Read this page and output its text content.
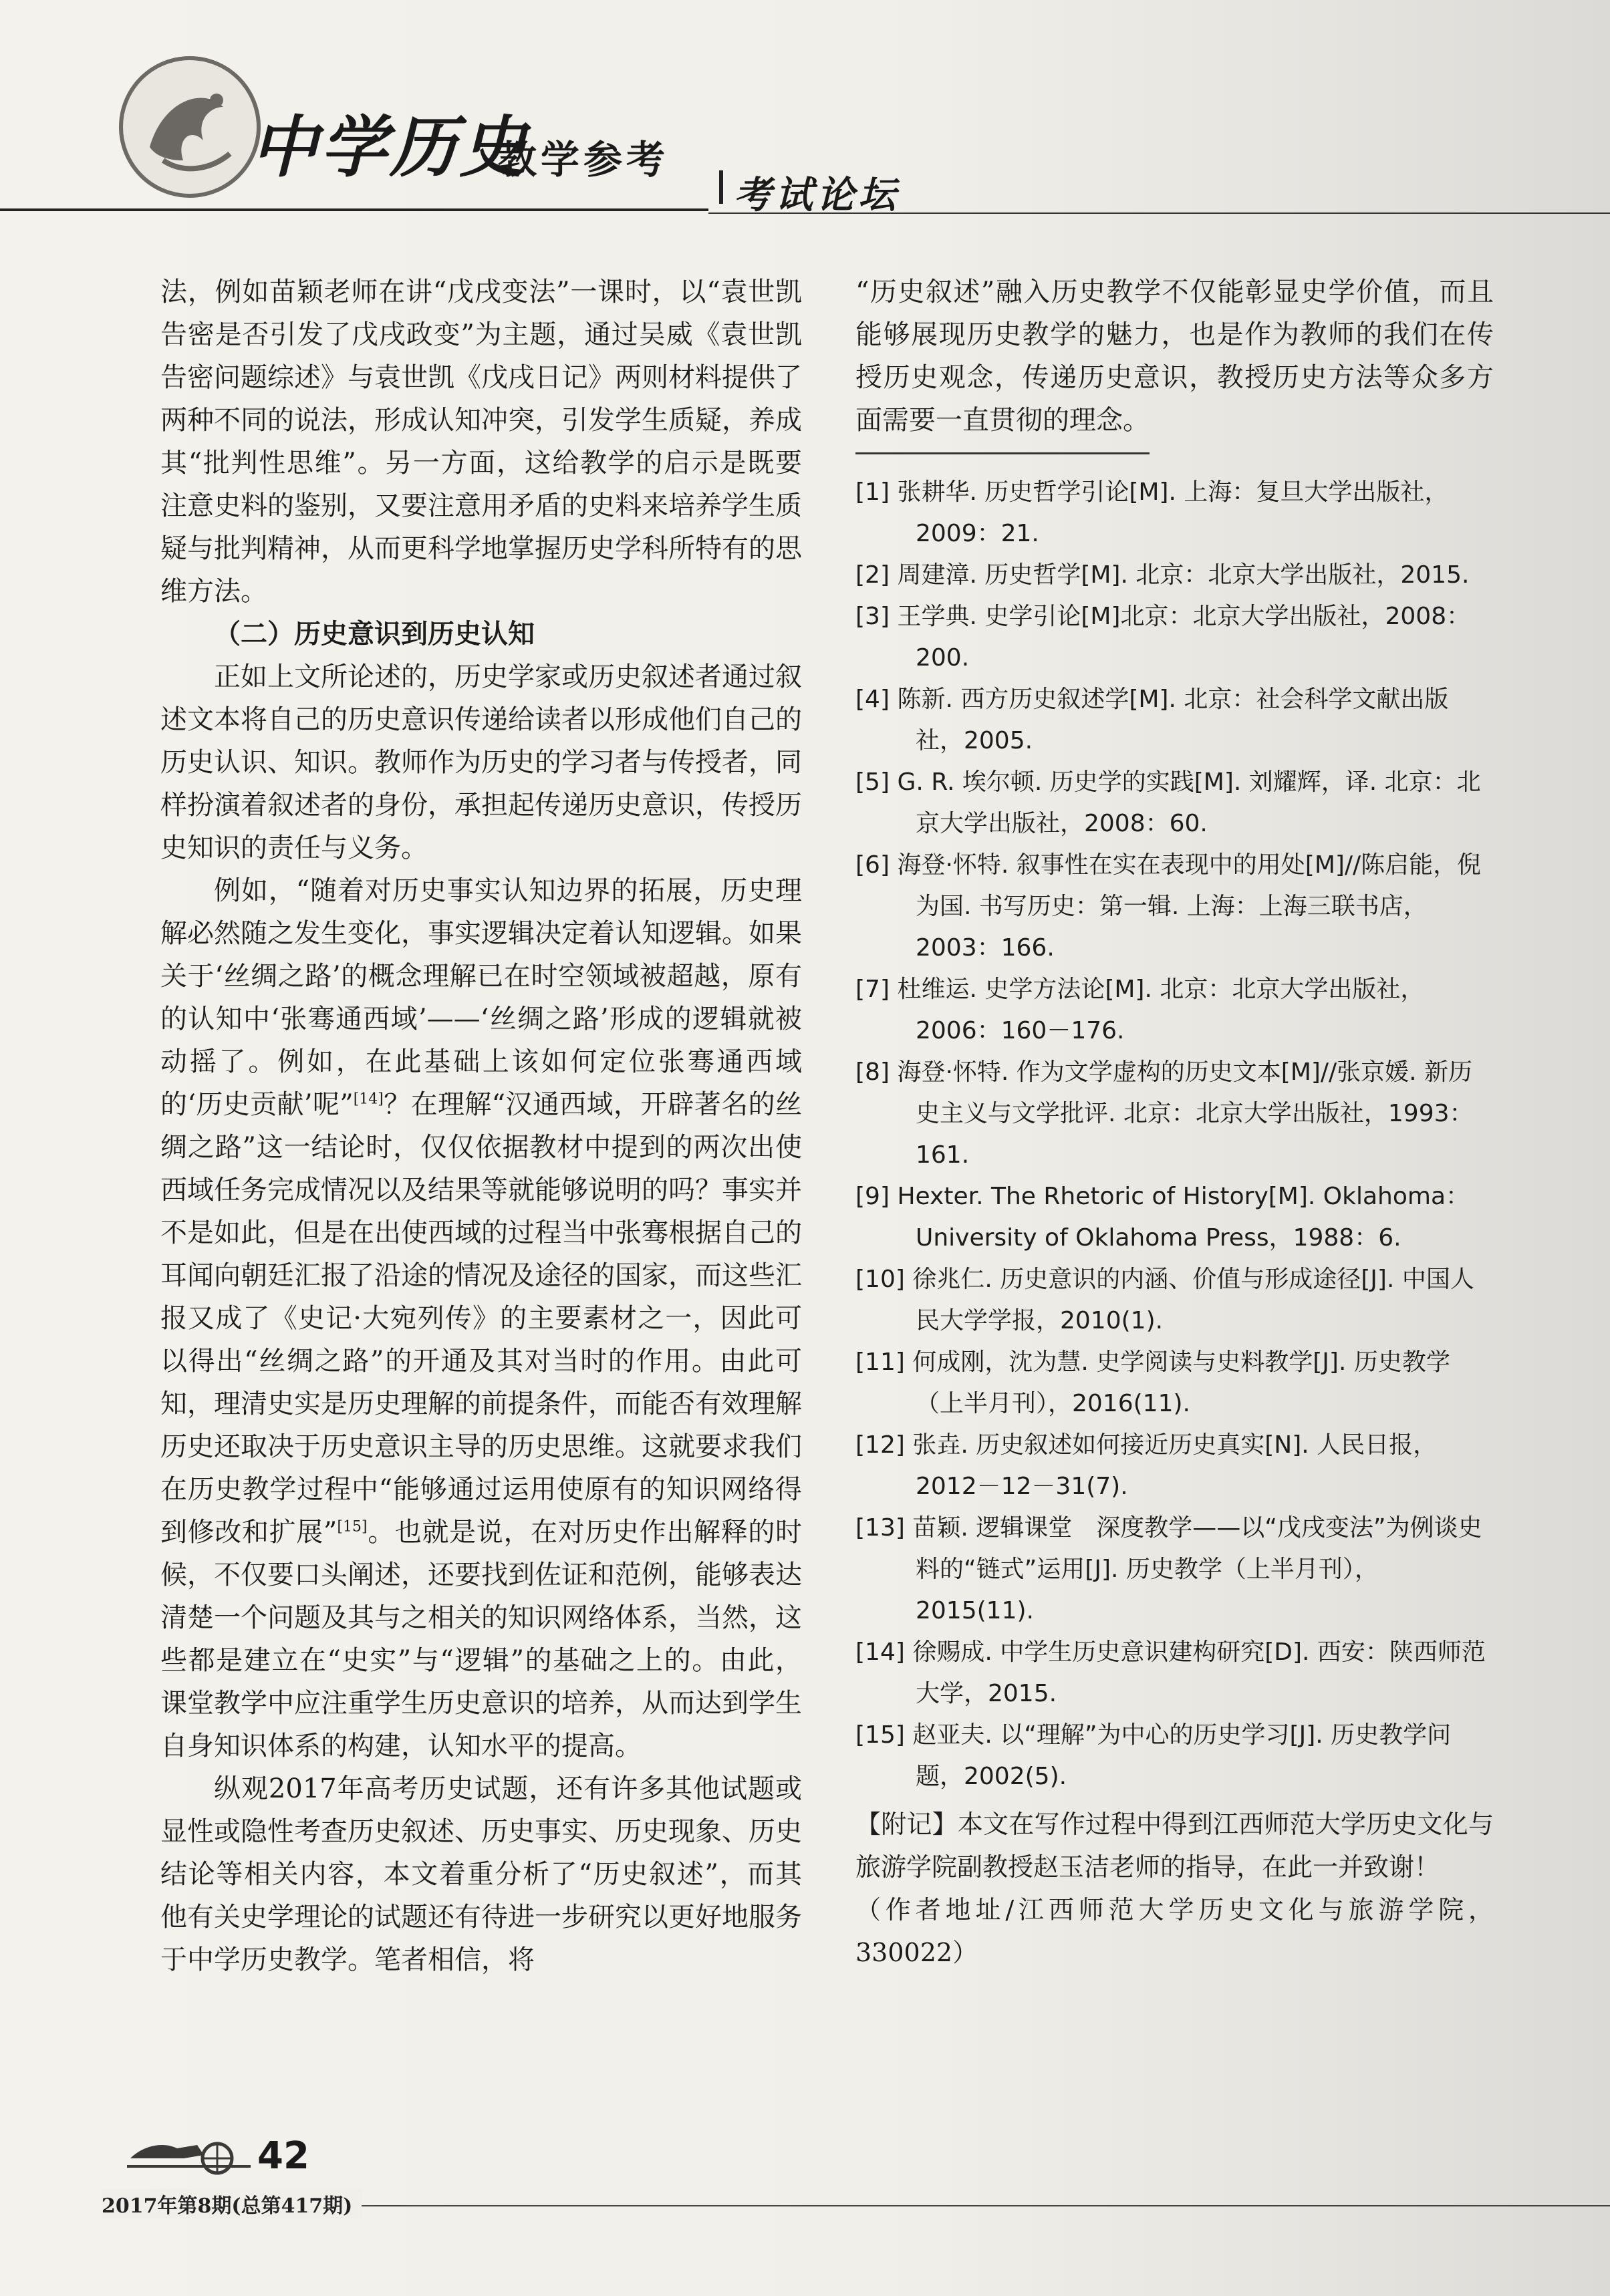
中学历史
教学参考
考试论坛

法，例如苗颖老师在讲“戊戌变法”一课时，以“袁世凯告密是否引发了戊戌政变”为主题，通过吴威《袁世凯告密问题综述》与袁世凯《戊戌日记》两则材料提供了两种不同的说法，形成认知冲突，引发学生质疑，养成其“批判性思维”。另一方面，这给教学的启示是既要注意史料的鉴别，又要注意用矛盾的史料来培养学生质疑与批判精神，从而更科学地掌握历史学科所特有的思维方法。

（二）历史意识到历史认知

正如上文所论述的，历史学家或历史叙述者通过叙述文本将自己的历史意识传递给读者以形成他们自己的历史认识、知识。教师作为历史的学习者与传授者，同样扮演着叙述者的身份，承担起传递历史意识，传授历史知识的责任与义务。

例如，“随着对历史事实认知边界的拓展，历史理解必然随之发生变化，事实逻辑决定着认知逻辑。如果关于‘丝绸之路’的概念理解已在时空领域被超越，原有的认知中‘张骞通西域’——‘丝绸之路’形成的逻辑就被动摇了。例如，在此基础上该如何定位张骞通西域的‘历史贡献’呢”[14]？在理解“汉通西域，开辟著名的丝绸之路”这一结论时，仅仅依据教材中提到的两次出使西域任务完成情况以及结果等就能够说明的吗？事实并不是如此，但是在出使西域的过程当中张骞根据自己的耳闻向朝廷汇报了沿途的情况及途径的国家，而这些汇报又成了《史记·大宛列传》的主要素材之一，因此可以得出“丝绸之路”的开通及其对当时的作用。由此可知，理清史实是历史理解的前提条件，而能否有效理解历史还取决于历史意识主导的历史思维。这就要求我们在历史教学过程中“能够通过运用使原有的知识网络得到修改和扩展”[15]。也就是说，在对历史作出解释的时候，不仅要口头阐述，还要找到佐证和范例，能够表达清楚一个问题及其与之相关的知识网络体系，当然，这些都是建立在“史实”与“逻辑”的基础之上的。由此，课堂教学中应注重学生历史意识的培养，从而达到学生自身知识体系的构建，认知水平的提高。

纵观2017年高考历史试题，还有许多其他试题或显性或隐性考查历史叙述、历史事实、历史现象、历史结论等相关内容，本文着重分析了“历史叙述”，而其他有关史学理论的试题还有待进一步研究以更好地服务于中学历史教学。笔者相信，将

“历史叙述”融入历史教学不仅能彰显史学价值，而且能够展现历史教学的魅力，也是作为教师的我们在传授历史观念，传递历史意识，教授历史方法等众多方面需要一直贯彻的理念。

[1] 张耕华. 历史哲学引论[M]. 上海：复旦大学出版社，2009：21.
[2] 周建漳. 历史哲学[M]. 北京：北京大学出版社，2015.
[3] 王学典. 史学引论[M]北京：北京大学出版社，2008：200.
[4] 陈新. 西方历史叙述学[M]. 北京：社会科学文献出版社，2005.
[5] G. R. 埃尔顿. 历史学的实践[M]. 刘耀辉，译. 北京：北京大学出版社，2008：60.
[6] 海登·怀特. 叙事性在实在表现中的用处[M]//陈启能，倪为国. 书写历史：第一辑. 上海：上海三联书店，2003：166.
[7] 杜维运. 史学方法论[M]. 北京：北京大学出版社，2006：160－176.
[8] 海登·怀特. 作为文学虚构的历史文本[M]//张京媛. 新历史主义与文学批评. 北京：北京大学出版社，1993：161.
[9] Hexter. The Rhetoric of History[M]. Oklahoma：University of Oklahoma Press，1988：6.
[10] 徐兆仁. 历史意识的内涵、价值与形成途径[J]. 中国人民大学学报，2010(1).
[11] 何成刚，沈为慧. 史学阅读与史料教学[J]. 历史教学（上半月刊），2016(11).
[12] 张垚. 历史叙述如何接近历史真实[N]. 人民日报，2012－12－31(7).
[13] 苗颖. 逻辑课堂　深度教学——以“戊戌变法”为例谈史料的“链式”运用[J]. 历史教学（上半月刊），2015(11).
[14] 徐赐成. 中学生历史意识建构研究[D]. 西安：陕西师范大学，2015.
[15] 赵亚夫. 以“理解”为中心的历史学习[J]. 历史教学问题，2002(5).

【附记】本文在写作过程中得到江西师范大学历史文化与旅游学院副教授赵玉洁老师的指导，在此一并致谢！

（作者地址/江西师范大学历史文化与旅游学院，330022）

42
2017年第8期(总第417期)
